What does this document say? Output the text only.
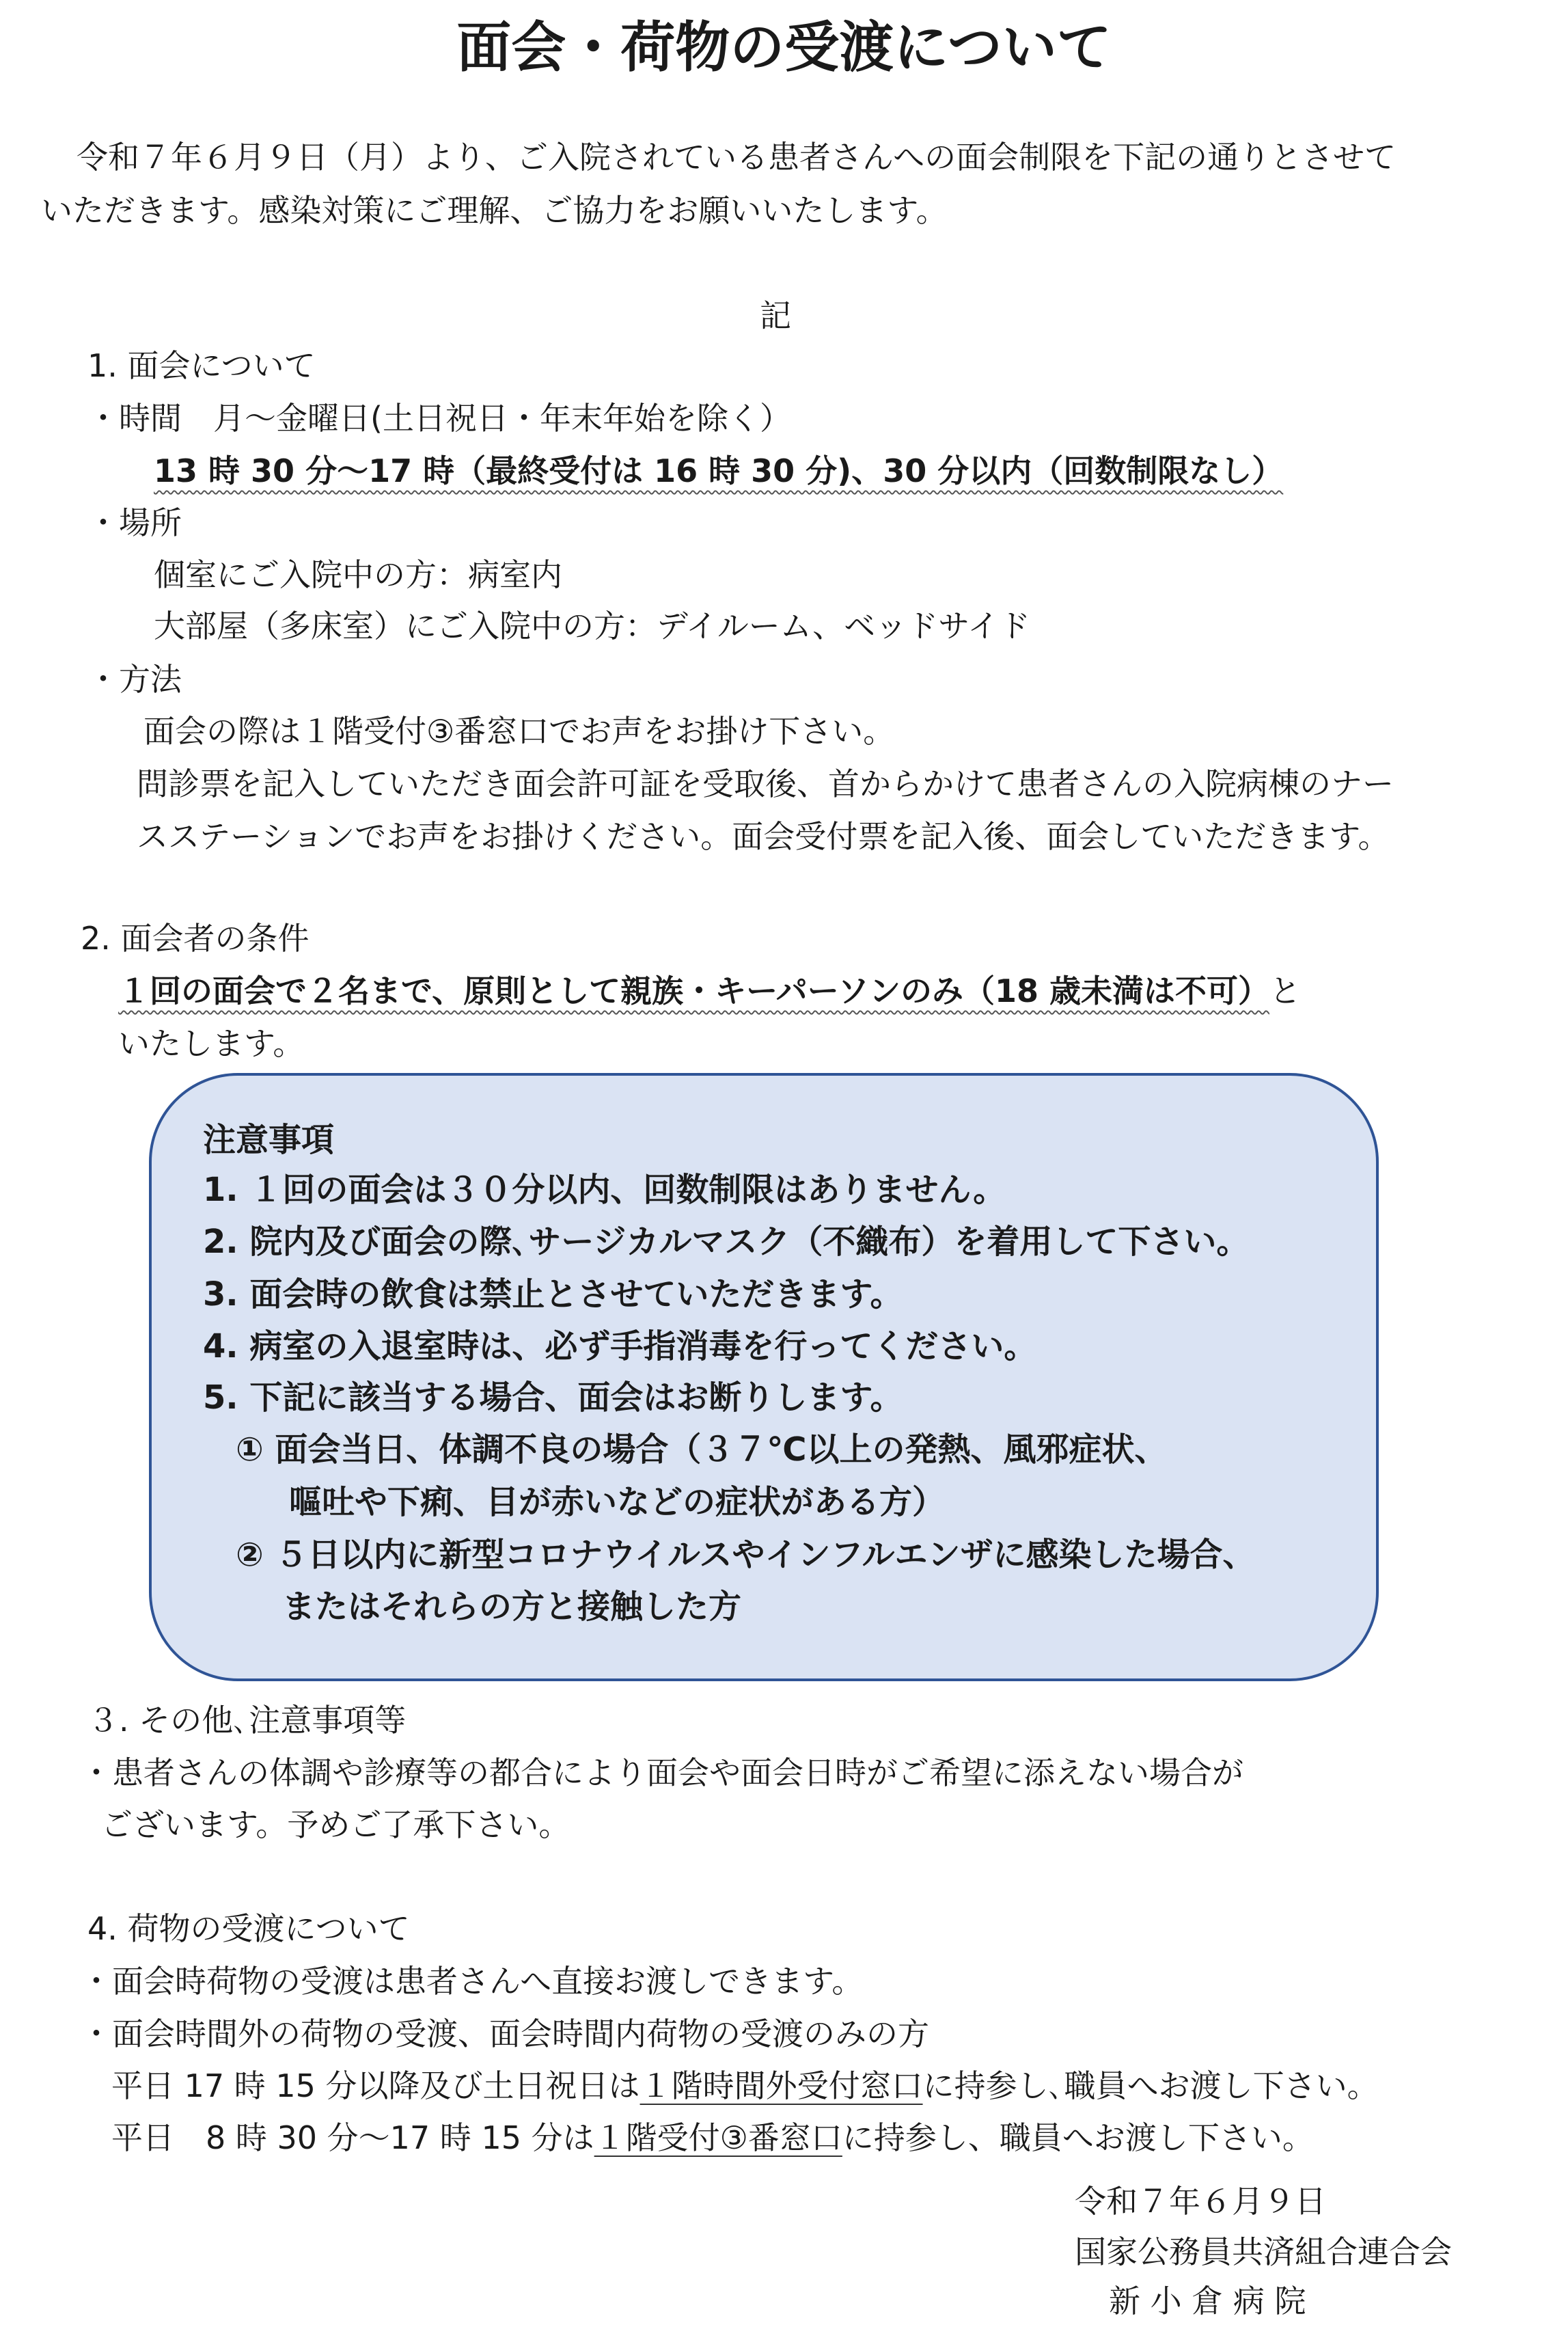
面会・荷物の受渡について
令和７年６月９日（月）より、ご入院されている患者さんへの面会制限を下記の通りとさせて
いただきます。感染対策にご理解、ご協力をお願いいたします。
記
1. 面会について
・時間　月～金曜日(土日祝日・年末年始を除く）
13 時 30 分～17 時（最終受付は 16 時 30 分)、30 分以内（回数制限なし）
・場所
個室にご入院中の方：病室内
大部屋（多床室）にご入院中の方：デイルーム、ベッドサイド
・方法
面会の際は１階受付③番窓口でお声をお掛け下さい。
問診票を記入していただき面会許可証を受取後、首からかけて患者さんの入院病棟のナー
スステーションでお声をお掛けください。面会受付票を記入後、面会していただきます。
2. 面会者の条件
１回の面会で２名まで、原則として親族・キーパーソンのみ（18 歳未満は不可）と
いたします。
注意事項
1. １回の面会は３０分以内、回数制限はありません。
2. 院内及び面会の際､サージカルマスク（不織布）を着用して下さい。
3. 面会時の飲食は禁止とさせていただきます。
4. 病室の入退室時は、必ず手指消毒を行ってください。
5. 下記に該当する場合、面会はお断りします。
① 面会当日、体調不良の場合（３７℃以上の発熱、風邪症状、
嘔吐や下痢、目が赤いなどの症状がある方）
② ５日以内に新型コロナウイルスやインフルエンザに感染した場合、
またはそれらの方と接触した方
３. その他､注意事項等
・患者さんの体調や診療等の都合により面会や面会日時がご希望に添えない場合が
ございます。予めご了承下さい。
4. 荷物の受渡について
・面会時荷物の受渡は患者さんへ直接お渡しできます。
・面会時間外の荷物の受渡、面会時間内荷物の受渡のみの方
平日 17 時 15 分以降及び土日祝日は１階時間外受付窓口に持参し､職員へお渡し下さい。
平日　8 時 30 分～17 時 15 分は１階受付③番窓口に持参し、職員へお渡し下さい。
令和７年６月９日
国家公務員共済組合連合会
新 小 倉 病 院
